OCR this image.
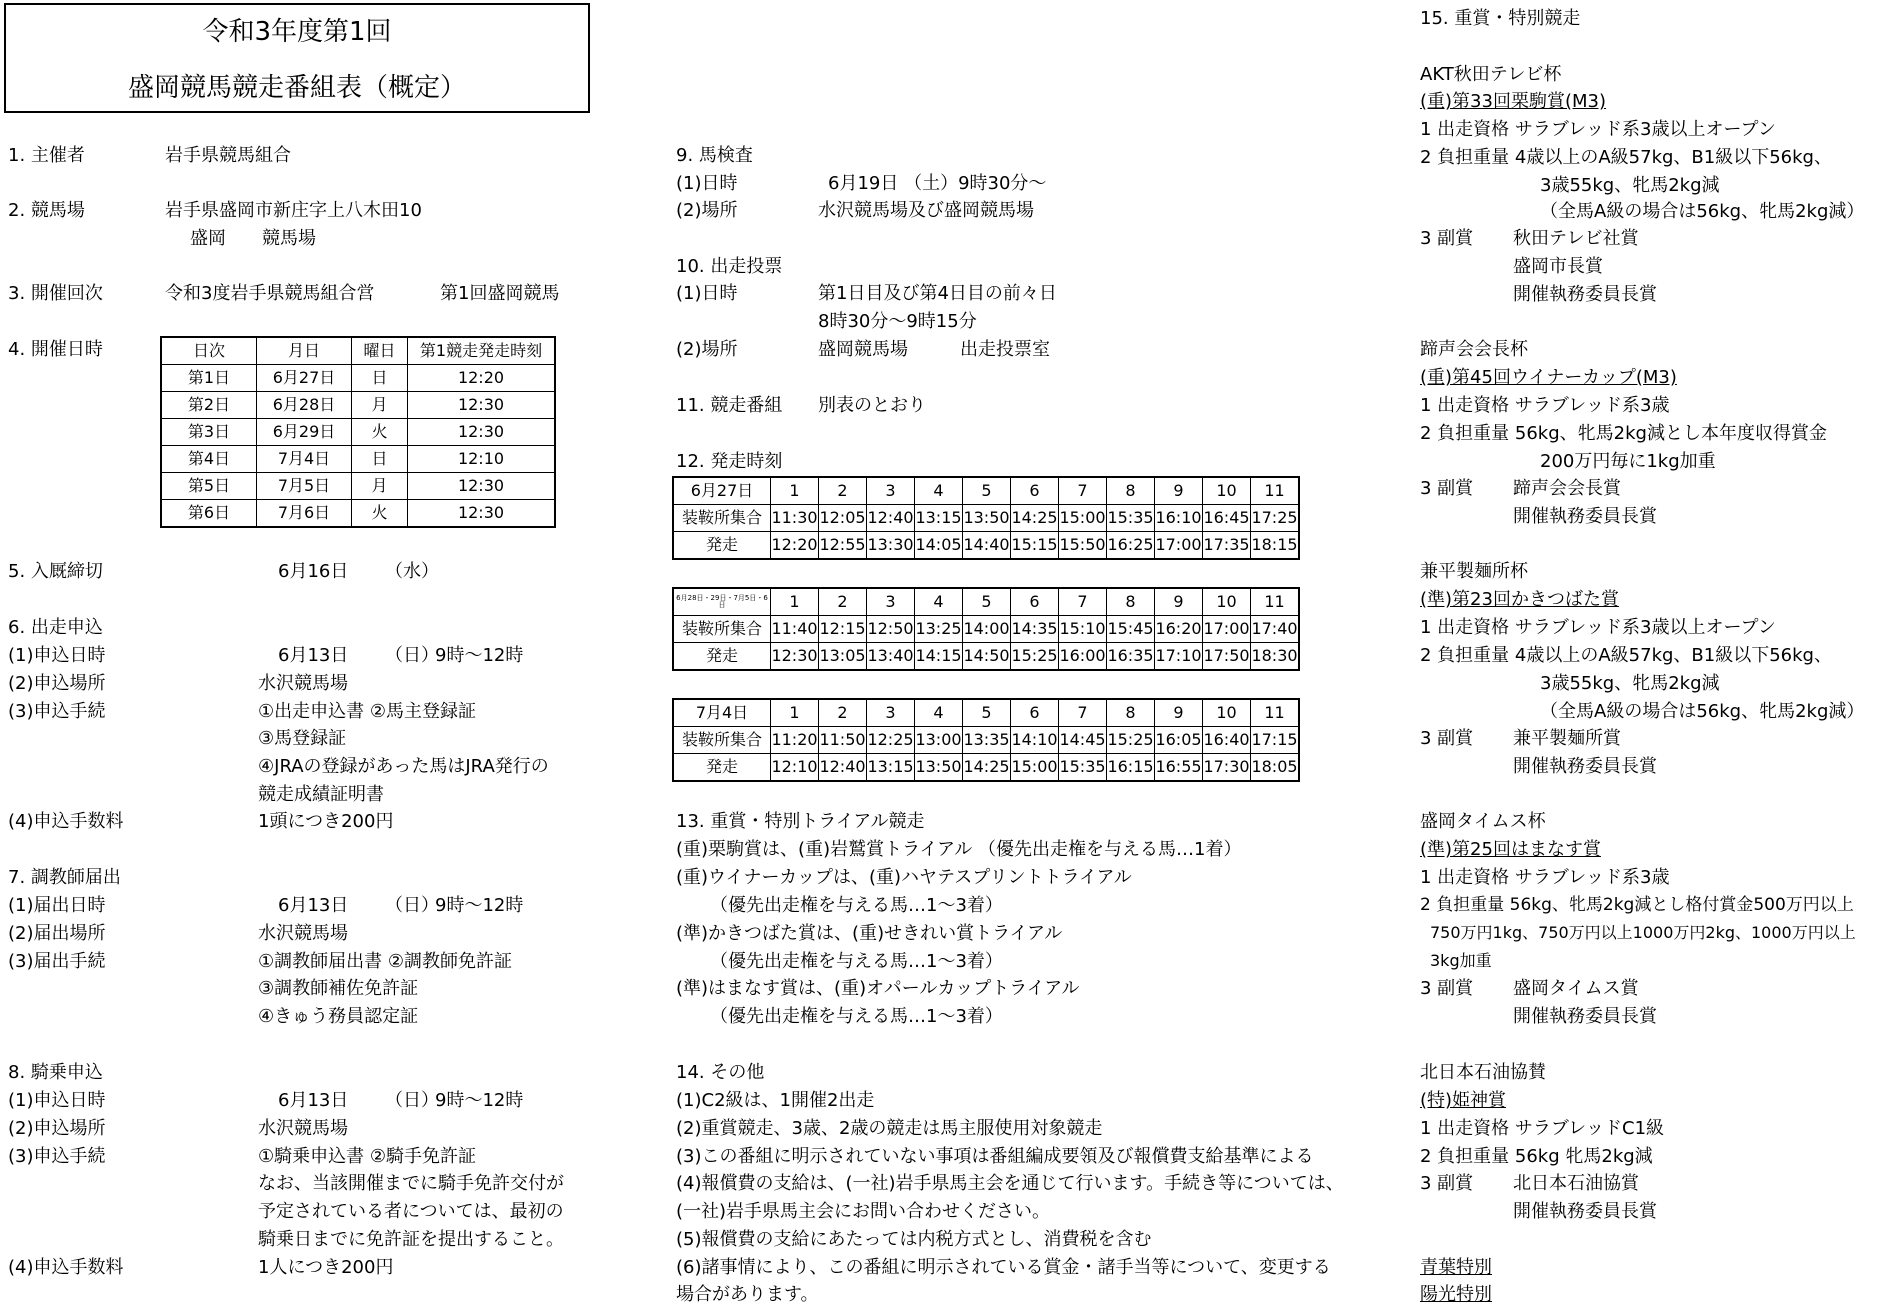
令和3年度第1回
盛岡競馬競走番組表（概定）
1. 主催者	岩手県競馬組合
2. 競馬場	岩手県盛岡市新庄字上八木田10
盛岡　　競馬場
3. 開催回次	令和3度岩手県競馬組合営	第1回盛岡競馬
4. 開催日時	日次	月日	曜日	第1競走発走時刻
第1日	6月27日	日	12:20
第2日	6月28日	月	12:30
第3日	6月29日	火	12:30
第4日	7月4日	日	12:10
第5日	7月5日	月	12:30
第6日	7月6日	火	12:30
5. 入厩締切	6月16日 （水）
6. 出走申込
(1)申込日時	6月13日 （日）
9時～12時
(2)申込場所	水沢競馬場
(3)申込手続	①出走申込書 ②馬主登録証
③馬登録証
④JRAの登録があった馬はJRA発行の
競走成績証明書
(4)申込手数料	1頭につき200円
7. 調教師届出
(1)届出日時	6月13日 （日）
9時～12時
(2)届出場所	水沢競馬場
(3)届出手続	①調教師届出書 ②調教師免許証
③調教師補佐免許証
④きゅう務員認定証
8. 騎乗申込
(1)申込日時	6月13日 （日）
9時～12時
(2)申込場所	水沢競馬場
(3)申込手続	①騎乗申込書 ②騎手免許証
なお、当該開催までに騎手免許交付が
予定されている者については、最初の
騎乗日までに免許証を提出すること。
(4)申込手数料	1人につき200円
9. 馬検査
(1)日時	6月19日 （土）9時30分～
(2)場所	水沢競馬場及び盛岡競馬場
10. 出走投票
(1)日時	第1日目及び第4日目の前々日
8時30分～9時15分
(2)場所	盛岡競馬場	出走投票室
11. 競走番組 別表のとおり
12. 発走時刻
6月27日	1	2	3	4	5	6	7	8	9	10	11
装鞍所集合	11:30	12:05	12:40	13:15	13:50	14:25	15:00	15:35	16:10	16:45	17:25
発走	12:20	12:55	13:30	14:05	14:40	15:15	15:50	16:25	17:00	17:35	18:15
6月28日・29日・7月5日・6日	1	2	3	4	5	6	7	8	9	10	11
装鞍所集合	11:40	12:15	12:50	13:25	14:00	14:35	15:10	15:45	16:20	17:00	17:40
発走	12:30	13:05	13:40	14:15	14:50	15:25	16:00	16:35	17:10	17:50	18:30
7月4日	1	2	3	4	5	6	7	8	9	10	11
装鞍所集合	11:20	11:50	12:25	13:00	13:35	14:10	14:45	15:25	16:05	16:40	17:15
発走	12:10	12:40	13:15	13:50	14:25	15:00	15:35	16:15	16:55	17:30	18:05
13. 重賞・特別トライアル競走
(重)栗駒賞は、(重)岩鷲賞トライアル （優先出走権を与える馬…1着）
(重)ウイナーカップは、(重)ハヤテスプリントトライアル
（優先出走権を与える馬…1～3着）
(準)かきつばた賞は、(重)せきれい賞トライアル
（優先出走権を与える馬…1～3着）
(準)はまなす賞は、(重)オパールカップトライアル
（優先出走権を与える馬…1～3着）
14. その他
(1)C2級は、1開催2出走
(2)重賞競走、3歳、2歳の競走は馬主服使用対象競走
(3)この番組に明示されていない事項は番組編成要領及び報償費支給基準による
(4)報償費の支給は、(一社)岩手県馬主会を通じて行います。手続き等については、
(一社)岩手県馬主会にお問い合わせください。
(5)報償費の支給にあたっては内税方式とし、消費税を含む
(6)諸事情により、この番組に明示されている賞金・諸手当等について、変更する
場合があります。
15. 重賞・特別競走
AKT秋田テレビ杯
(重)第33回栗駒賞(M3)
1 出走資格 サラブレッド系3歳以上オープン
2 負担重量 4歳以上のA級57kg、B1級以下56kg、
3歳55kg、牝馬2kg減
（全馬A級の場合は56kg、牝馬2kg減）
3 副賞 秋田テレビ社賞
盛岡市長賞
開催執務委員長賞
蹄声会会長杯
(重)第45回ウイナーカップ(M3)
1 出走資格 サラブレッド系3歳
2 負担重量 56kg、牝馬2kg減とし本年度収得賞金
200万円毎に1kg加重
3 副賞 蹄声会会長賞
開催執務委員長賞
兼平製麺所杯
(準)第23回かきつばた賞
1 出走資格 サラブレッド系3歳以上オープン
2 負担重量 4歳以上のA級57kg、B1級以下56kg、
3歳55kg、牝馬2kg減
（全馬A級の場合は56kg、牝馬2kg減）
3 副賞 兼平製麺所賞
開催執務委員長賞
盛岡タイムス杯
(準)第25回はまなす賞
1 出走資格 サラブレッド系3歳
2 負担重量 56kg、牝馬2kg減とし格付賞金500万円以上
750万円1kg、750万円以上1000万円2kg、1000万円以上
3kg加重
3 副賞 盛岡タイムス賞
開催執務委員長賞
北日本石油協賛
(特)姫神賞
1 出走資格 サラブレッドC1級
2 負担重量 56kg 牝馬2kg減
3 副賞 北日本石油協賞
開催執務委員長賞
青葉特別
陽光特別
